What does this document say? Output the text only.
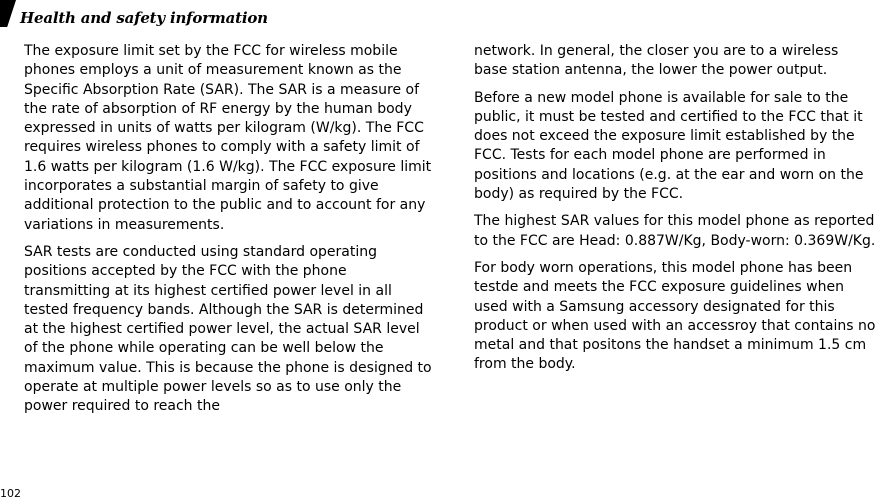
Health and safety information

The exposure limit set by the FCC for wireless mobile phones employs a unit of measurement known as the Specific Absorption Rate (SAR). The SAR is a measure of the rate of absorption of RF energy by the human body expressed in units of watts per kilogram (W/kg). The FCC requires wireless phones to comply with a safety limit of 1.6 watts per kilogram (1.6 W/kg). The FCC exposure limit incorporates a substantial margin of safety to give additional protection to the public and to account for any variations in measurements.

SAR tests are conducted using standard operating positions accepted by the FCC with the phone transmitting at its highest certified power level in all tested frequency bands. Although the SAR is determined at the highest certified power level, the actual SAR level of the phone while operating can be well below the maximum value. This is because the phone is designed to operate at multiple power levels so as to use only the power required to reach the

network. In general, the closer you are to a wireless base station antenna, the lower the power output.

Before a new model phone is available for sale to the public, it must be tested and certified to the FCC that it does not exceed the exposure limit established by the FCC. Tests for each model phone are performed in positions and locations (e.g. at the ear and worn on the body) as required by the FCC.

The highest SAR values for this model phone as reported to the FCC are Head: 0.887W/Kg, Body-worn: 0.369W/Kg.

For body worn operations, this model phone has been testde and meets the FCC exposure guidelines when used with a Samsung accessory designated for this product or when used with an accessroy that contains no metal and that positons the handset a minimum 1.5 cm from the body.

102
